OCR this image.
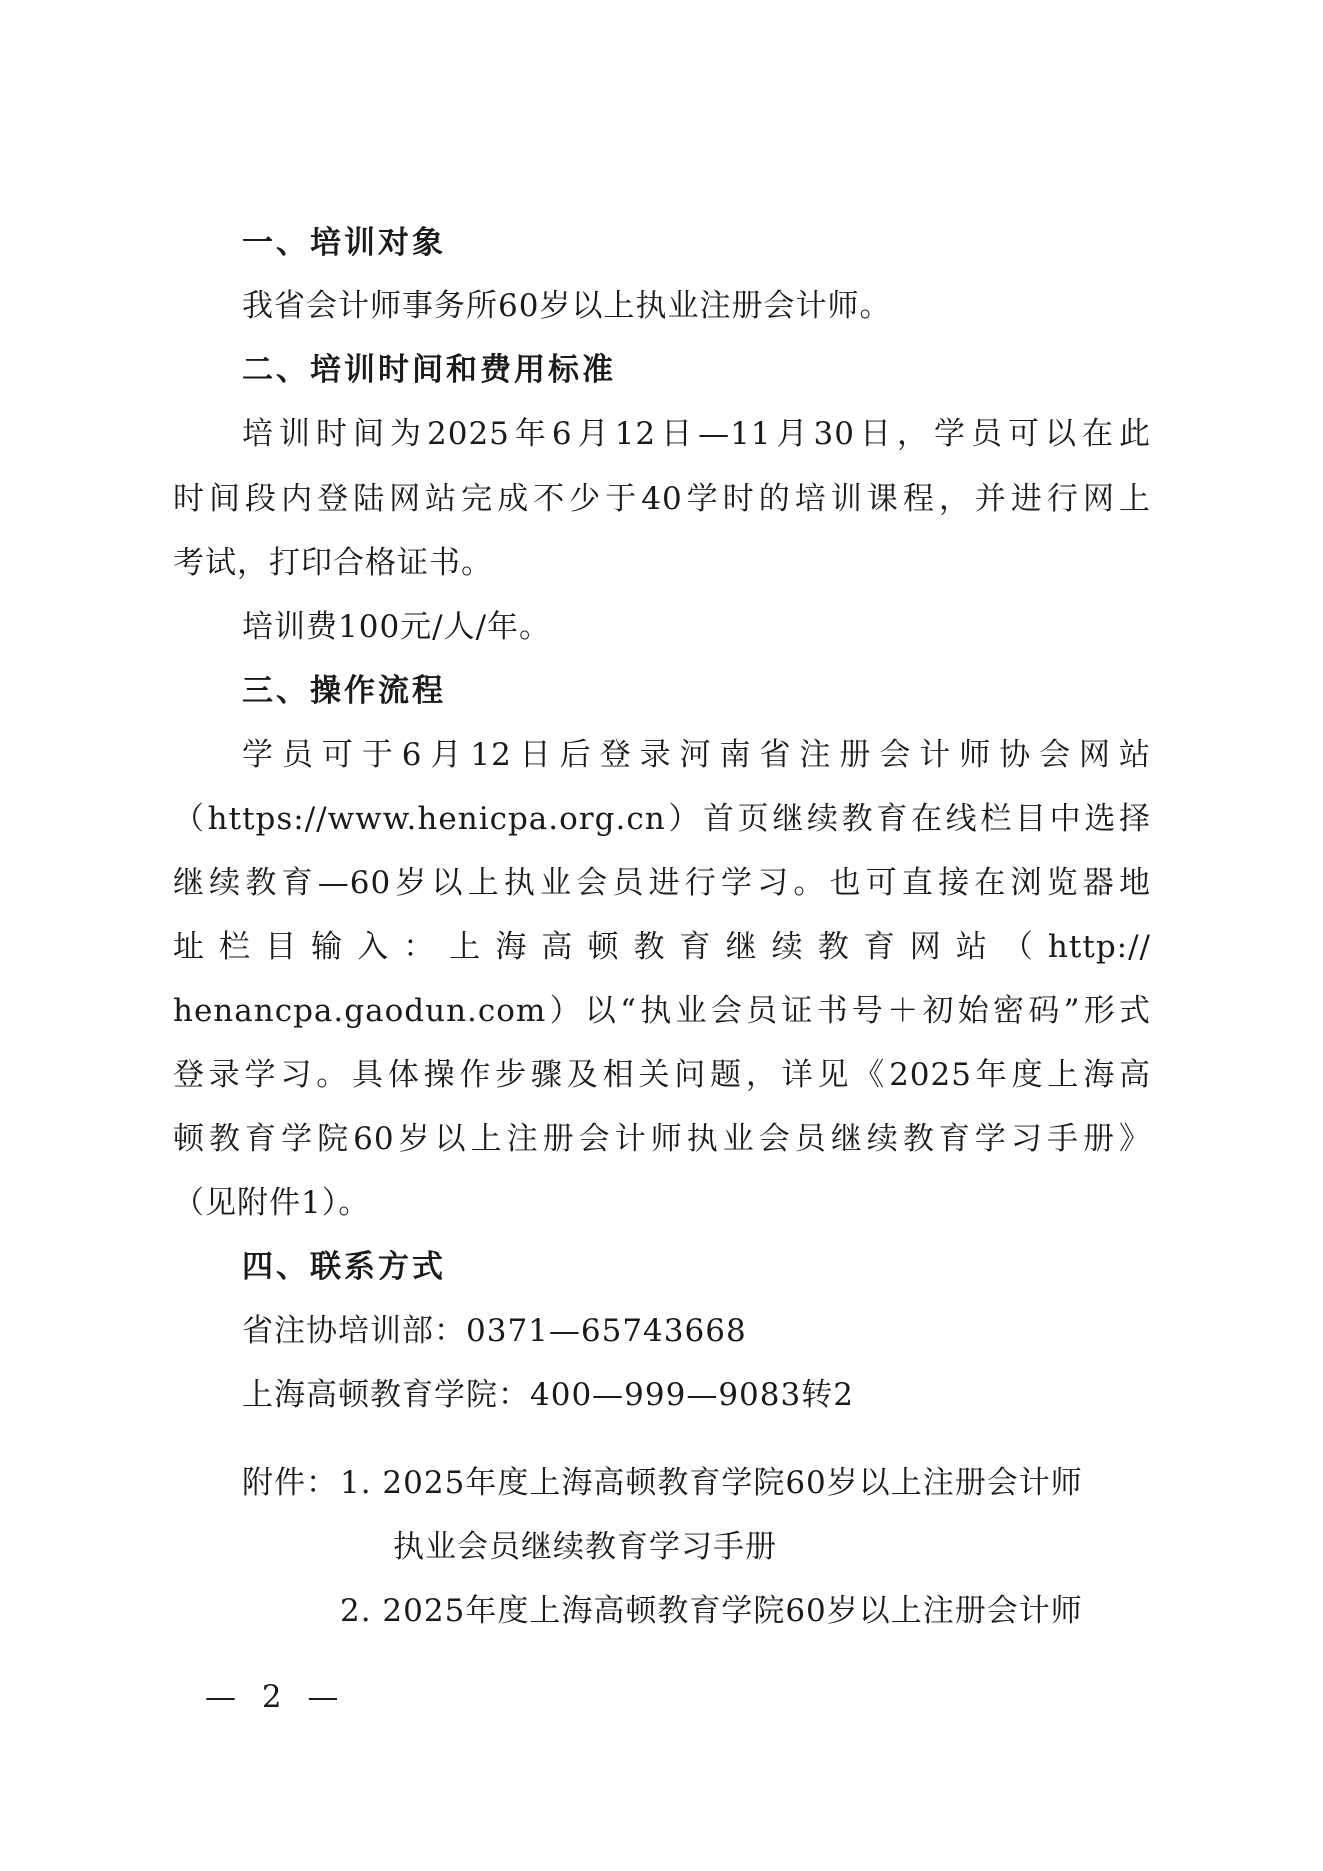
一、培训对象
我省会计师事务所60岁以上执业注册会计师。
二、培训时间和费用标准
培训时间为2025年6月12日—11月30日，学员可以在此
时间段内登陆网站完成不少于40学时的培训课程，并进行网上
考试，打印合格证书。
培训费100元/人/年。
三、操作流程
学员可于6月12日后登录河南省注册会计师协会网站
（https://www.henicpa.org.cn）首页继续教育在线栏目中选择
继续教育—60岁以上执业会员进行学习。也可直接在浏览器地
址栏目输入：上海高顿教育继续教育网站（http://
henancpa.gaodun.com）以“执业会员证书号＋初始密码”形式
登录学习。具体操作步骤及相关问题，详见《2025年度上海高
顿教育学院60岁以上注册会计师执业会员继续教育学习手册》
（见附件1）。
四、联系方式
省注协培训部：0371—65743668
上海高顿教育学院：400—999—9083转2
附件： 1. 2025年度上海高顿教育学院60岁以上注册会计师
执业会员继续教育学习手册
2. 2025年度上海高顿教育学院60岁以上注册会计师
— 2 —
